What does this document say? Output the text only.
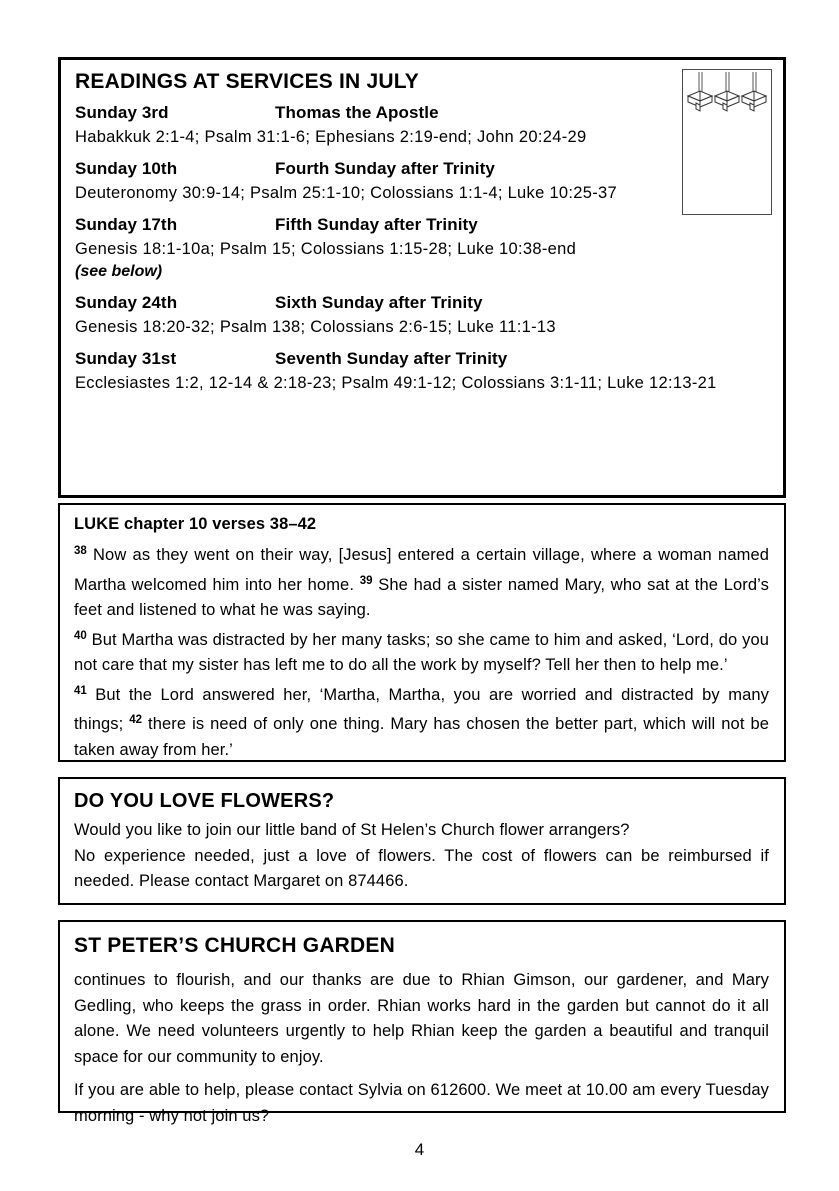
READINGS AT SERVICES IN JULY
Sunday 3rd	Thomas the Apostle
Habakkuk 2:1-4; Psalm 31:1-6; Ephesians 2:19-end; John 20:24-29
Sunday 10th	Fourth Sunday after Trinity
Deuteronomy 30:9-14; Psalm 25:1-10; Colossians 1:1-4; Luke 10:25-37
Sunday 17th	Fifth Sunday after Trinity
Genesis 18:1-10a; Psalm 15; Colossians 1:15-28; Luke 10:38-end
(see below)
Sunday 24th	Sixth Sunday after Trinity
Genesis 18:20-32; Psalm 138; Colossians 2:6-15; Luke 11:1-13
Sunday 31st	Seventh Sunday after Trinity
Ecclesiastes 1:2, 12-14 & 2:18-23; Psalm 49:1-12; Colossians 3:1-11; Luke 12:13-21
LUKE chapter 10 verses 38–42

$^{38}$ Now as they went on their way, [Jesus] entered a certain village, where a woman named Martha welcomed him into her home. $^{39}$ She had a sister named Mary, who sat at the Lord’s feet and listened to what he was saying.

$^{40}$ But Martha was distracted by her many tasks; so she came to him and asked, ‘Lord, do you not care that my sister has left me to do all the work by myself? Tell her then to help me.’

$^{41}$ But the Lord answered her, ‘Martha, Martha, you are worried and distracted by many things; $^{42}$ there is need of only one thing. Mary has chosen the better part, which will not be taken away from her.’

DO YOU LOVE FLOWERS?

Would you like to join our little band of St Helen’s Church flower arrangers?

No experience needed, just a love of flowers. The cost of flowers can be reimbursed if needed. Please contact Margaret on 874466.

ST PETER’S CHURCH GARDEN

continues to flourish, and our thanks are due to Rhian Gimson, our gardener, and Mary Gedling, who keeps the grass in order. Rhian works hard in the garden but cannot do it all alone. We need volunteers urgently to help Rhian keep the garden a beautiful and tranquil space for our community to enjoy.

If you are able to help, please contact Sylvia on 612600. We meet at 10.00 am every Tuesday morning - why not join us?

4
